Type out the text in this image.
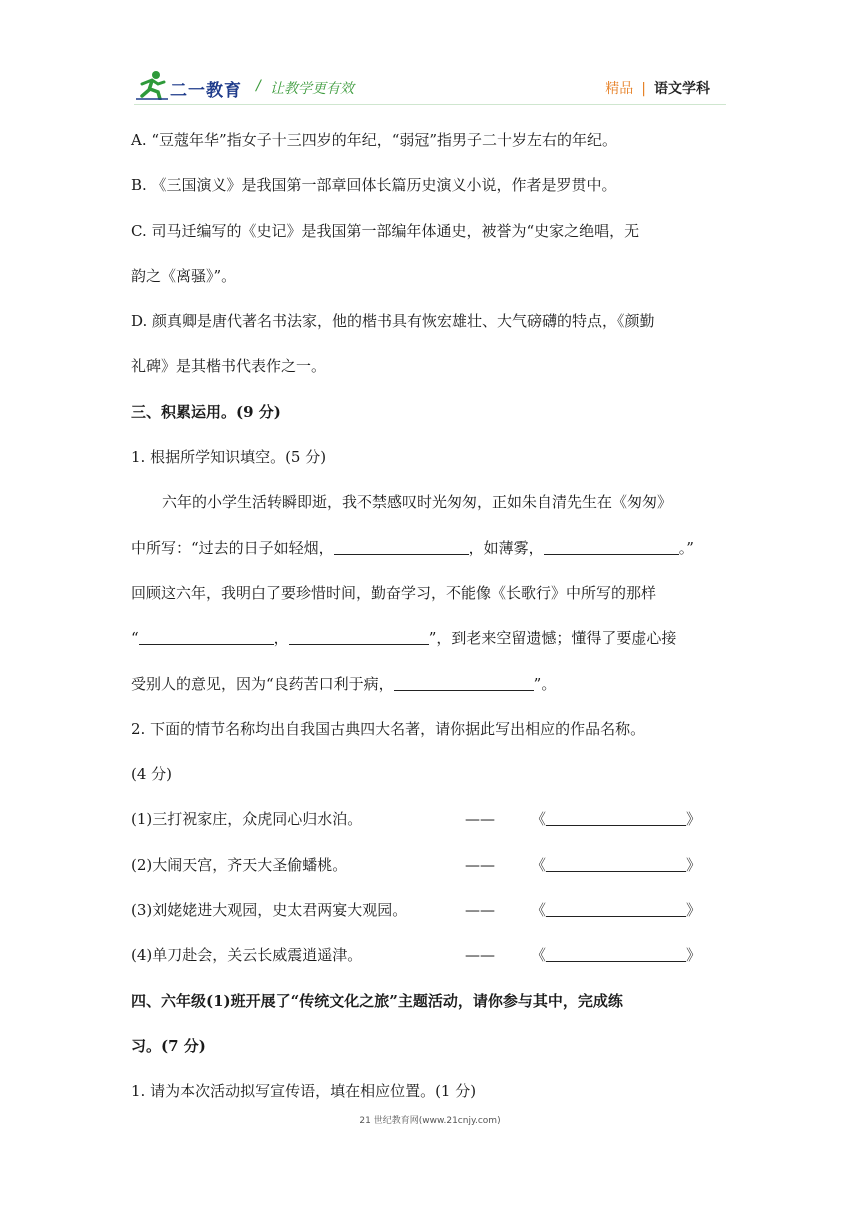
二一教育 / 让教学更有效	精品 | 语文学科
A. “豆蔻年华”指女子十三四岁的年纪，“弱冠”指男子二十岁左右的年纪。
B. 《三国演义》是我国第一部章回体长篇历史演义小说，作者是罗贯中。
C. 司马迁编写的《史记》是我国第一部编年体通史，被誉为“史家之绝唱，无
韵之《离骚》”。
D. 颜真卿是唐代著名书法家，他的楷书具有恢宏雄壮、大气磅礴的特点，《颜勤
礼碑》是其楷书代表作之一。
三、积累运用。(9 分)
1. 根据所学知识填空。(5 分)
六年的小学生活转瞬即逝，我不禁感叹时光匆匆，正如朱自清先生在《匆匆》
中所写：“过去的日子如轻烟，	，如薄雾，	。”
回顾这六年，我明白了要珍惜时间，勤奋学习，不能像《长歌行》中所写的那样
“	，	”，到老来空留遗憾；懂得了要虚心接
受别人的意见，因为“良药苦口利于病，	”。
2. 下面的情节名称均出自我国古典四大名著，请你据此写出相应的作品名称。
(4 分)
(1)三打祝家庄，众虎同心归水泊。	—— 《	》
(2)大闹天宫，齐天大圣偷蟠桃。	—— 《	》
(3)刘姥姥进大观园，史太君两宴大观园。	—— 《	》
(4)单刀赴会，关云长威震逍遥津。	—— 《	》
四、六年级(1)班开展了“传统文化之旅”主题活动，请你参与其中，完成练
习。(7 分)
1. 请为本次活动拟写宣传语，填在相应位置。(1 分)
21 世纪教育网(www.21cnjy.com)
